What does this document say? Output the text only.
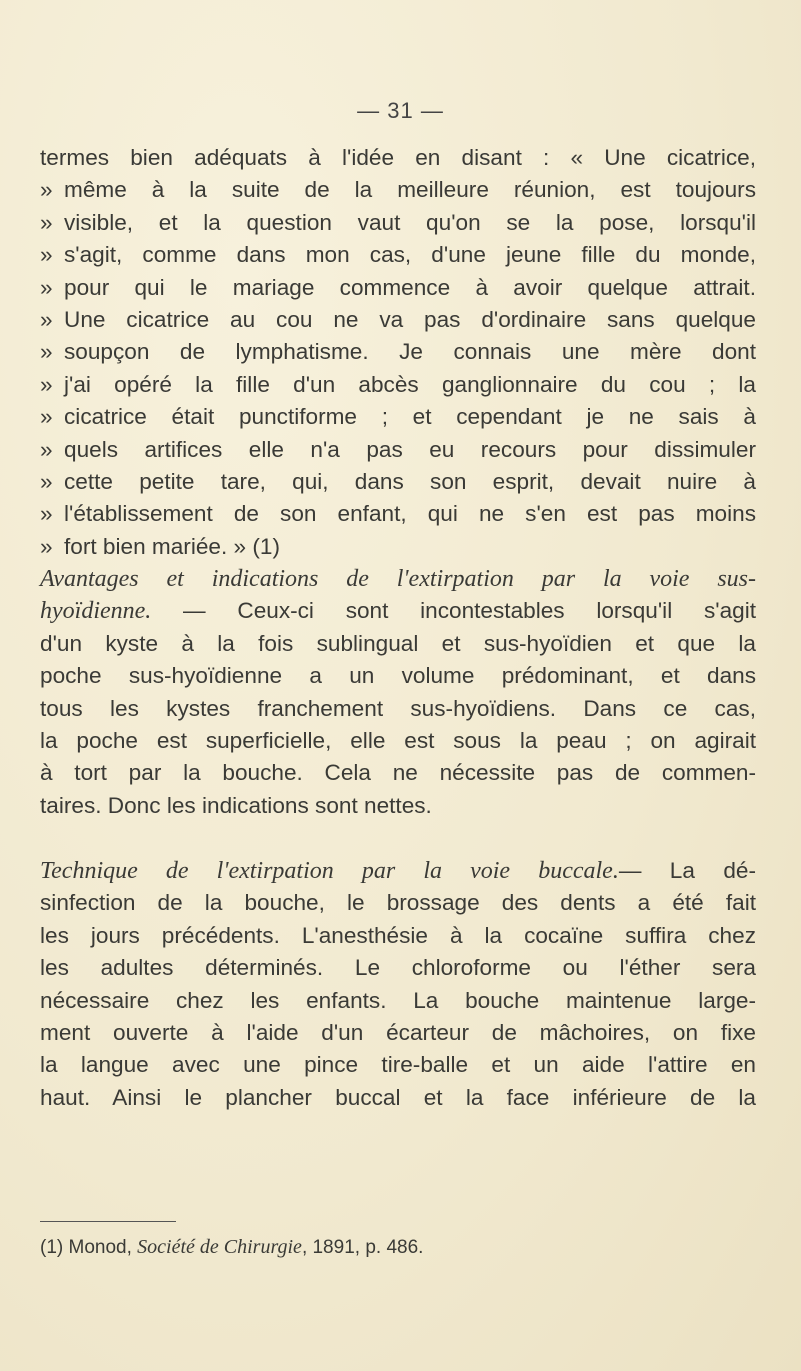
— 31 —
termes bien adéquats à l'idée en disant : « Une cicatrice,
» même à la suite de la meilleure réunion, est toujours
» visible, et la question vaut qu'on se la pose, lorsqu'il
» s'agit, comme dans mon cas, d'une jeune fille du monde,
» pour qui le mariage commence à avoir quelque attrait.
» Une cicatrice au cou ne va pas d'ordinaire sans quelque
» soupçon de lymphatisme. Je connais une mère dont
» j'ai opéré la fille d'un abcès ganglionnaire du cou ; la
» cicatrice était punctiforme ; et cependant je ne sais à
» quels artifices elle n'a pas eu recours pour dissimuler
» cette petite tare, qui, dans son esprit, devait nuire à
» l'établissement de son enfant, qui ne s'en est pas moins
» fort bien mariée. » (1)
Avantages et indications de l'extirpation par la voie sus-
hyoïdienne. — Ceux-ci sont incontestables lorsqu'il s'agit
d'un kyste à la fois sublingual et sus-hyoïdien et que la
poche sus-hyoïdienne a un volume prédominant, et dans
tous les kystes franchement sus-hyoïdiens. Dans ce cas,
la poche est superficielle, elle est sous la peau ; on agirait
à tort par la bouche. Cela ne nécessite pas de commen-
taires. Donc les indications sont nettes.
Technique de l'extirpation par la voie buccale.— La dé-
sinfection de la bouche, le brossage des dents a été fait
les jours précédents. L'anesthésie à la cocaïne suffira chez
les adultes déterminés. Le chloroforme ou l'éther sera
nécessaire chez les enfants. La bouche maintenue large-
ment ouverte à l'aide d'un écarteur de mâchoires, on fixe
la langue avec une pince tire-balle et un aide l'attire en
haut. Ainsi le plancher buccal et la face inférieure de la
(1) Monod, Société de Chirurgie, 1891, p. 486.
